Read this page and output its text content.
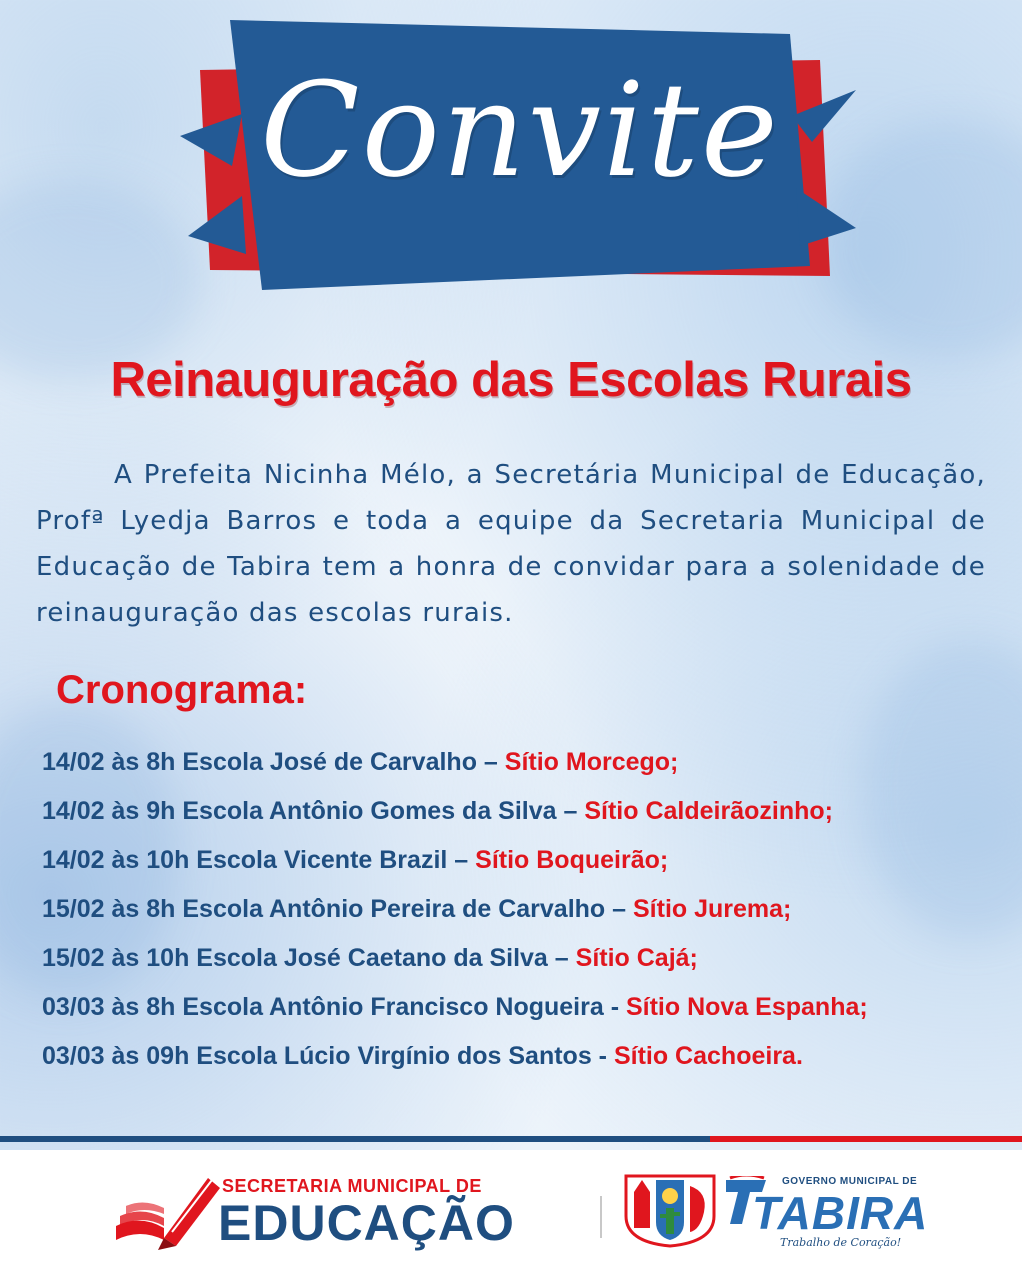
Convite
Reinauguração das Escolas Rurais

A Prefeita Nicinha Mélo, a Secretária Municipal de Educação, Profª Lyedja Barros e toda a equipe da Secretaria Municipal de Educação de Tabira tem a honra de convidar para a solenidade de reinauguração das escolas rurais.

Cronograma:
14/02 às 8h Escola José de Carvalho – Sítio Morcego;
14/02 às 9h Escola Antônio Gomes da Silva – Sítio Caldeirãozinho;
14/02 às 10h Escola Vicente Brazil – Sítio Boqueirão;
15/02 às 8h Escola Antônio Pereira de Carvalho – Sítio Jurema;
15/02 às 10h Escola José Caetano da Silva – Sítio Cajá;
03/03 às 8h Escola Antônio Francisco Nogueira - Sítio Nova Espanha;
03/03 às 09h Escola Lúcio Virgínio dos Santos - Sítio Cachoeira.
SECRETARIA MUNICIPAL DE
EDUCAÇÃO
GOVERNO MUNICIPAL DE
TABIRA
Trabalho de Coração!
